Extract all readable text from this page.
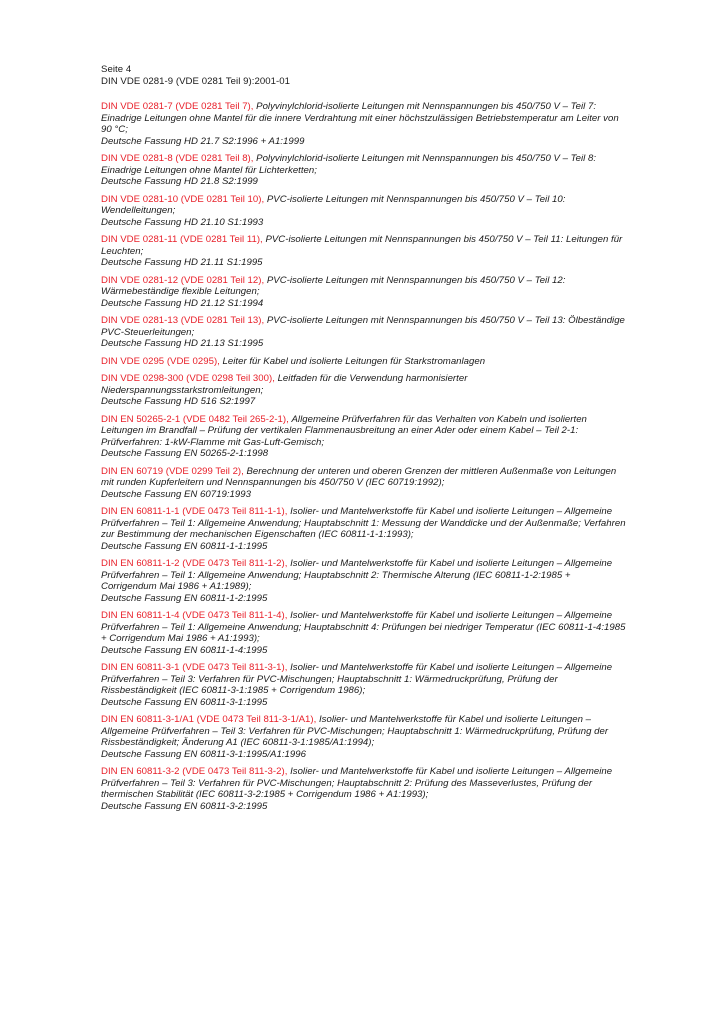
Seite 4
DIN VDE 0281-9 (VDE 0281 Teil 9):2001-01
DIN VDE 0281-7 (VDE 0281 Teil 7), Polyvinylchlorid-isolierte Leitungen mit Nennspannungen bis 450/750 V – Teil 7: Einadrige Leitungen ohne Mantel für die innere Verdrahtung mit einer höchstzulässigen Betriebstemperatur am Leiter von 90 °C;
Deutsche Fassung HD 21.7 S2:1996 + A1:1999
DIN VDE 0281-8 (VDE 0281 Teil 8), Polyvinylchlorid-isolierte Leitungen mit Nennspannungen bis 450/750 V – Teil 8: Einadrige Leitungen ohne Mantel für Lichterketten;
Deutsche Fassung HD 21.8 S2:1999
DIN VDE 0281-10 (VDE 0281 Teil 10), PVC-isolierte Leitungen mit Nennspannungen bis 450/750 V – Teil 10: Wendelleitungen;
Deutsche Fassung HD 21.10 S1:1993
DIN VDE 0281-11 (VDE 0281 Teil 11), PVC-isolierte Leitungen mit Nennspannungen bis 450/750 V – Teil 11: Leitungen für Leuchten;
Deutsche Fassung HD 21.11 S1:1995
DIN VDE 0281-12 (VDE 0281 Teil 12), PVC-isolierte Leitungen mit Nennspannungen bis 450/750 V – Teil 12: Wärmebeständige flexible Leitungen;
Deutsche Fassung HD 21.12 S1:1994
DIN VDE 0281-13 (VDE 0281 Teil 13), PVC-isolierte Leitungen mit Nennspannungen bis 450/750 V – Teil 13: Ölbeständige PVC-Steuerleitungen;
Deutsche Fassung HD 21.13 S1:1995
DIN VDE 0295 (VDE 0295), Leiter für Kabel und isolierte Leitungen für Starkstromanlagen
DIN VDE 0298-300 (VDE 0298 Teil 300), Leitfaden für die Verwendung harmonisierter Niederspannungsstarkstromleitungen;
Deutsche Fassung HD 516 S2:1997
DIN EN 50265-2-1 (VDE 0482 Teil 265-2-1), Allgemeine Prüfverfahren für das Verhalten von Kabeln und isolierten Leitungen im Brandfall – Prüfung der vertikalen Flammenausbreitung an einer Ader oder einem Kabel – Teil 2-1: Prüfverfahren: 1-kW-Flamme mit Gas-Luft-Gemisch;
Deutsche Fassung EN 50265-2-1:1998
DIN EN 60719 (VDE 0299 Teil 2), Berechnung der unteren und oberen Grenzen der mittleren Außenmaße von Leitungen mit runden Kupferleitern und Nennspannungen bis 450/750 V (IEC 60719:1992);
Deutsche Fassung EN 60719:1993
DIN EN 60811-1-1 (VDE 0473 Teil 811-1-1), Isolier- und Mantelwerkstoffe für Kabel und isolierte Leitungen – Allgemeine Prüfverfahren – Teil 1: Allgemeine Anwendung; Hauptabschnitt 1: Messung der Wanddicke und der Außenmaße; Verfahren zur Bestimmung der mechanischen Eigenschaften (IEC 60811-1-1:1993);
Deutsche Fassung EN 60811-1-1:1995
DIN EN 60811-1-2 (VDE 0473 Teil 811-1-2), Isolier- und Mantelwerkstoffe für Kabel und isolierte Leitungen – Allgemeine Prüfverfahren – Teil 1: Allgemeine Anwendung; Hauptabschnitt 2: Thermische Alterung (IEC 60811-1-2:1985 + Corrigendum Mai 1986 + A1:1989);
Deutsche Fassung EN 60811-1-2:1995
DIN EN 60811-1-4 (VDE 0473 Teil 811-1-4), Isolier- und Mantelwerkstoffe für Kabel und isolierte Leitungen – Allgemeine Prüfverfahren – Teil 1: Allgemeine Anwendung; Hauptabschnitt 4: Prüfungen bei niedriger Temperatur (IEC 60811-1-4:1985 + Corrigendum Mai 1986 + A1:1993);
Deutsche Fassung EN 60811-1-4:1995
DIN EN 60811-3-1 (VDE 0473 Teil 811-3-1), Isolier- und Mantelwerkstoffe für Kabel und isolierte Leitungen – Allgemeine Prüfverfahren – Teil 3: Verfahren für PVC-Mischungen; Hauptabschnitt 1: Wärmedruckprüfung, Prüfung der Rissbeständigkeit (IEC 60811-3-1:1985 + Corrigendum 1986);
Deutsche Fassung EN 60811-3-1:1995
DIN EN 60811-3-1/A1 (VDE 0473 Teil 811-3-1/A1), Isolier- und Mantelwerkstoffe für Kabel und isolierte Leitungen – Allgemeine Prüfverfahren – Teil 3: Verfahren für PVC-Mischungen; Hauptabschnitt 1: Wärmedruckprüfung, Prüfung der Rissbeständigkeit; Änderung A1 (IEC 60811-3-1:1985/A1:1994);
Deutsche Fassung EN 60811-3-1:1995/A1:1996
DIN EN 60811-3-2 (VDE 0473 Teil 811-3-2), Isolier- und Mantelwerkstoffe für Kabel und isolierte Leitungen – Allgemeine Prüfverfahren – Teil 3: Verfahren für PVC-Mischungen; Hauptabschnitt 2: Prüfung des Masseverlustes, Prüfung der thermischen Stabilität (IEC 60811-3-2:1985 + Corrigendum 1986 + A1:1993);
Deutsche Fassung EN 60811-3-2:1995
